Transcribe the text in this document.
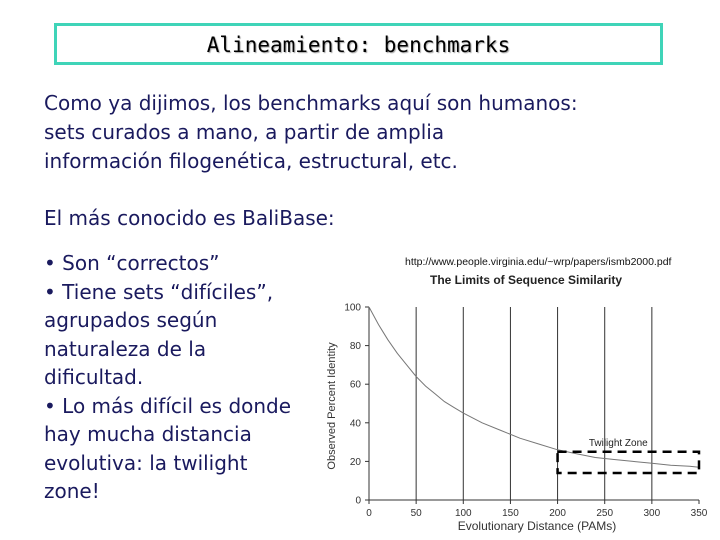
Alineamiento: benchmarks

Como ya dijimos, los benchmarks aquí son humanos:
sets curados a mano, a partir de amplia
información filogenética, estructural, etc.

El más conocido es BaliBase:

• Son “correctos”
• Tiene sets “difíciles”,
agrupados según
naturaleza de la
dificultad.
• Lo más difícil es donde
hay mucha distancia
evolutiva: la twilight
zone!

http://www.people.virginia.edu/~wrp/papers/ismb2000.pdf
The Limits of Sequence Similarity
Evolutionary Distance (PAMs)
Observed Percent Identity
0	50	100	150	200	250	300	350
0
20
40
60
80
100
Twilight Zone
